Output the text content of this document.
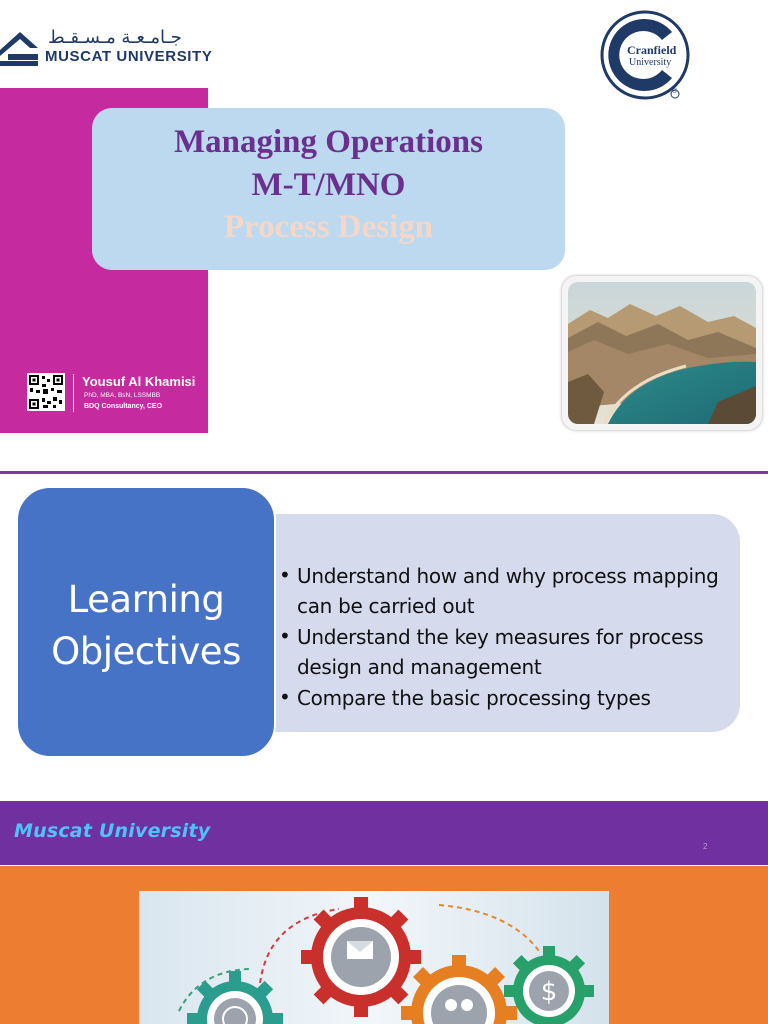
جـامـعـة مـسـقـط
MUSCAT UNIVERSITY	Cranfield
University
®
Managing Operations
M-T/MNO
Process Design
Yousuf Al Khamisi
PhD, MBA, BsN, LSSMBB
BDQ Consultancy, CEO
Learning
Objectives
• Understand how and why process mapping can be carried out
• Understand the key measures for process design and management
• Compare the basic processing types
Muscat University
2
$
